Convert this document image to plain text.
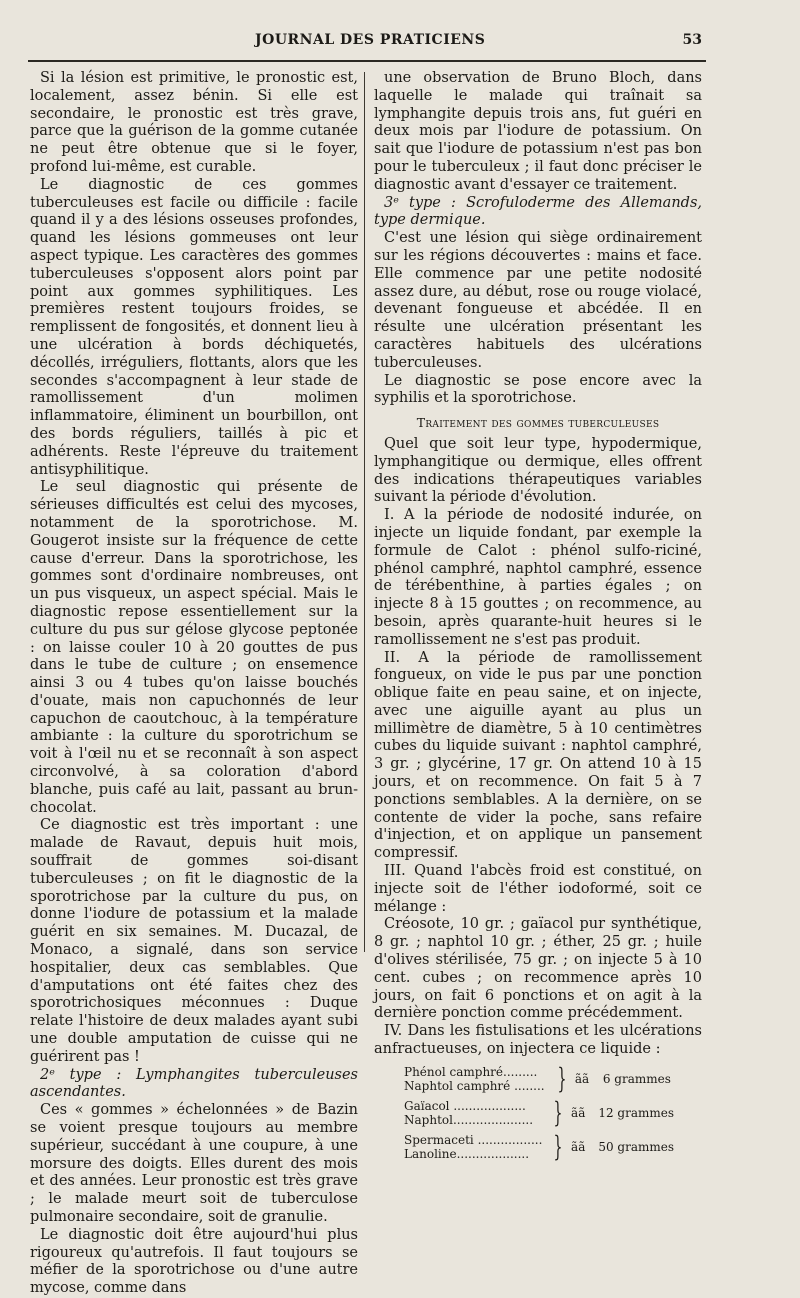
JOURNAL DES PRATICIENS	53

Si la lésion est primitive, le pronostic est, localement, assez bénin. Si elle est secondaire, le pronostic est très grave, parce que la guérison de la gomme cutanée ne peut être obtenue que si le foyer, profond lui-même, est curable.

Le diagnostic de ces gommes tuberculeuses est facile ou difficile : facile quand il y a des lésions osseuses profondes, quand les lésions gommeuses ont leur aspect typique. Les caractères des gommes tuberculeuses s'opposent alors point par point aux gommes syphilitiques. Les premières restent toujours froides, se remplissent de fongosités, et donnent lieu à une ulcération à bords déchiquetés, décollés, irréguliers, flottants, alors que les secondes s'accompagnent à leur stade de ramollissement d'un molimen inflammatoire, éliminent un bourbillon, ont des bords réguliers, taillés à pic et adhérents. Reste l'épreuve du traitement antisyphilitique.

Le seul diagnostic qui présente de sérieuses difficultés est celui des mycoses, notamment de la sporotrichose. M. Gougerot insiste sur la fréquence de cette cause d'erreur. Dans la sporotrichose, les gommes sont d'ordinaire nombreuses, ont un pus visqueux, un aspect spécial. Mais le diagnostic repose essentiellement sur la culture du pus sur gélose glycose peptonée : on laisse couler 10 à 20 gouttes de pus dans le tube de culture ; on ensemence ainsi 3 ou 4 tubes qu'on laisse bouchés d'ouate, mais non capuchonnés de leur capuchon de caoutchouc, à la température ambiante : la culture du sporotrichum se voit à l'œil nu et se reconnaît à son aspect circonvolvé, à sa coloration d'abord blanche, puis café au lait, passant au brun-chocolat.

Ce diagnostic est très important : une malade de Ravaut, depuis huit mois, souffrait de gommes soi-disant tuberculeuses ; on fit le diagnostic de la sporotrichose par la culture du pus, on donne l'iodure de potassium et la malade guérit en six semaines. M. Ducazal, de Monaco, a signalé, dans son service hospitalier, deux cas semblables. Que d'amputations ont été faites chez des sporotrichosiques méconnues : Duque relate l'histoire de deux malades ayant subi une double amputation de cuisse qui ne guérirent pas !

2ᵉ type : Lymphangites tuberculeuses ascendantes.

Ces « gommes » échelonnées » de Bazin se voient presque toujours au membre supérieur, succédant à une coupure, à une morsure des doigts. Elles durent des mois et des années. Leur pronostic est très grave ; le malade meurt soit de tuberculose pulmonaire secondaire, soit de granulie.

Le diagnostic doit être aujourd'hui plus rigoureux qu'autrefois. Il faut toujours se méfier de la sporotrichose ou d'une autre mycose, comme dans

une observation de Bruno Bloch, dans laquelle le malade qui traînait sa lymphangite depuis trois ans, fut guéri en deux mois par l'iodure de potassium. On sait que l'iodure de potassium n'est pas bon pour le tuberculeux ; il faut donc préciser le diagnostic avant d'essayer ce traitement.

3ᵉ type : Scrofuloderme des Allemands, type dermique.

C'est une lésion qui siège ordinairement sur les régions découvertes : mains et face. Elle commence par une petite nodosité assez dure, au début, rose ou rouge violacé, devenant fongueuse et abcédée. Il en résulte une ulcération présentant les caractères habituels des ulcérations tuberculeuses.

Le diagnostic se pose encore avec la syphilis et la sporotrichose.

Traitement des gommes tuberculeuses

Quel que soit leur type, hypodermique, lymphangitique ou dermique, elles offrent des indications thérapeutiques variables suivant la période d'évolution.

I. A la période de nodosité indurée, on injecte un liquide fondant, par exemple la formule de Calot : phénol sulfo-riciné, phénol camphré, naphtol camphré, essence de térébenthine, à parties égales ; on injecte 8 à 15 gouttes ; on recommence, au besoin, après quarante-huit heures si le ramollissement ne s'est pas produit.

II. A la période de ramollissement fongueux, on vide le pus par une ponction oblique faite en peau saine, et on injecte, avec une aiguille ayant au plus un millimètre de diamètre, 5 à 10 centimètres cubes du liquide suivant : naphtol camphré, 3 gr. ; glycérine, 17 gr. On attend 10 à 15 jours, et on recommence. On fait 5 à 7 ponctions semblables. A la dernière, on se contente de vider la poche, sans refaire d'injection, et on applique un pansement compressif.

III. Quand l'abcès froid est constitué, on injecte soit de l'éther iodoformé, soit ce mélange :

Créosote, 10 gr. ; gaïacol pur synthétique, 8 gr. ; naphtol 10 gr. ; éther, 25 gr. ; huile d'olives stérilisée, 75 gr. ; on injecte 5 à 10 cent. cubes ; on recommence après 10 jours, on fait 6 ponctions et on agit à la dernière ponction comme précédemment.

IV. Dans les fistulisations et les ulcérations anfractueuses, on injectera ce liquide :

Phénol camphré.........
Naphtol camphré ........ } ãã	6 grammes
Gaïacol ...................
Naphtol..................... } ãã	12 grammes
Spermaceti .................
Lanoline................... } ãã	50 grammes
